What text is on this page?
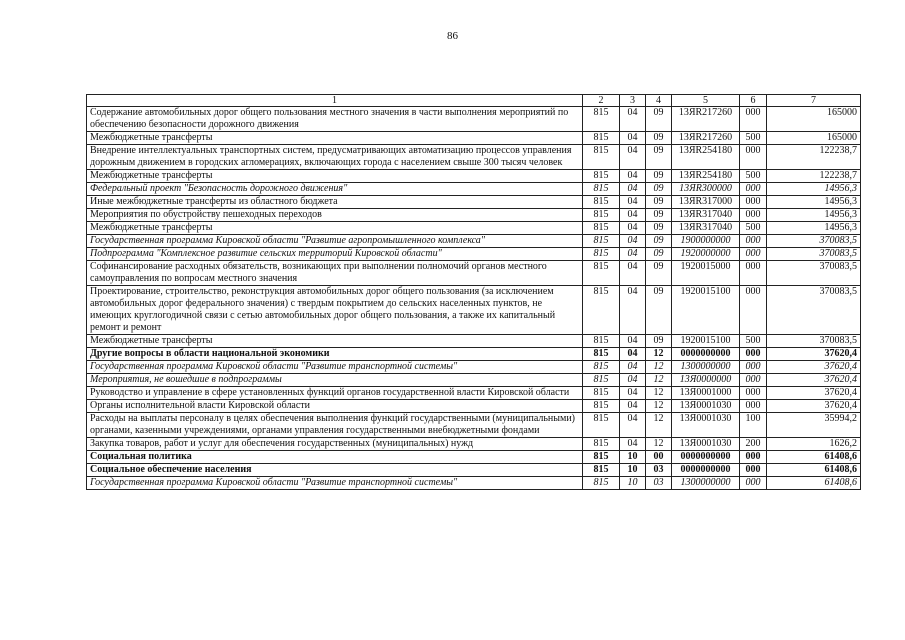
86
1	2	3	4	5	6	7
Содержание автомобильных дорог общего пользования местного значения в части выполнения мероприятий по обеспечению безопасности дорожного движения	815	04	09	13ЯR217260	000	165000
Межбюджетные трансферты	815	04	09	13ЯR217260	500	165000
Внедрение интеллектуальных транспортных систем, предусматривающих автоматизацию процессов управления дорожным движением в городских агломерациях, включающих города с населением свыше 300 тысяч человек	815	04	09	13ЯR254180	000	122238,7
Межбюджетные трансферты	815	04	09	13ЯR254180	500	122238,7
Федеральный проект "Безопасность дорожного движения"	815	04	09	13ЯR300000	000	14956,3
Иные межбюджетные трансферты из областного бюджета	815	04	09	13ЯR317000	000	14956,3
Мероприятия по обустройству пешеходных переходов	815	04	09	13ЯR317040	000	14956,3
Межбюджетные трансферты	815	04	09	13ЯR317040	500	14956,3
Государственная программа Кировской области "Развитие агропромышленного комплекса"	815	04	09	1900000000	000	370083,5
Подпрограмма "Комплексное развитие сельских территорий Кировской области"	815	04	09	1920000000	000	370083,5
Софинансирование расходных обязательств, возникающих при выполнении полномочий органов местного самоуправления по вопросам местного значения	815	04	09	1920015000	000	370083,5
Проектирование, строительство, реконструкция автомобильных дорог общего пользования (за исключением автомобильных дорог федерального значения) с твердым покрытием до сельских населенных пунктов, не имеющих круглогодичной связи с сетью автомобильных дорог общего пользования, а также их капитальный ремонт и ремонт	815	04	09	1920015100	000	370083,5
Межбюджетные трансферты	815	04	09	1920015100	500	370083,5
Другие вопросы в области национальной экономики	815	04	12	0000000000	000	37620,4
Государственная программа Кировской области "Развитие транспортной системы"	815	04	12	1300000000	000	37620,4
Мероприятия, не вошедшие в подпрограммы	815	04	12	13Я0000000	000	37620,4
Руководство и управление в сфере установленных функций органов государственной власти Кировской области	815	04	12	13Я0001000	000	37620,4
Органы исполнительной власти Кировской области	815	04	12	13Я0001030	000	37620,4
Расходы на выплаты персоналу в целях обеспечения выполнения функций государственными (муниципальными) органами, казенными учреждениями, органами управления государственными внебюджетными фондами	815	04	12	13Я0001030	100	35994,2
Закупка товаров, работ и услуг для обеспечения государственных (муниципальных) нужд	815	04	12	13Я0001030	200	1626,2
Социальная политика	815	10	00	0000000000	000	61408,6
Социальное обеспечение населения	815	10	03	0000000000	000	61408,6
Государственная программа Кировской области "Развитие транспортной системы"	815	10	03	1300000000	000	61408,6
